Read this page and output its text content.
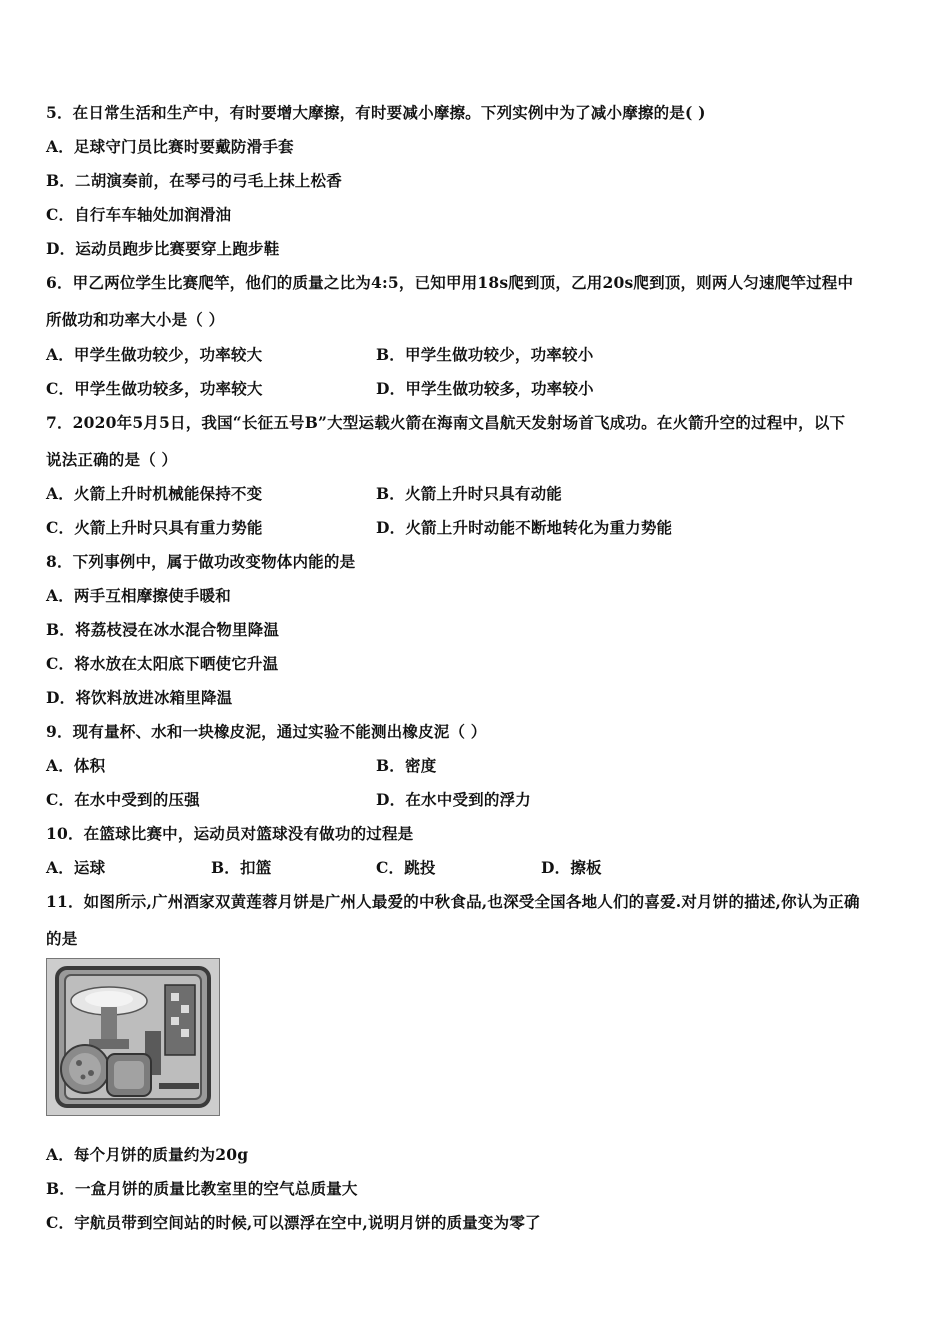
5．在日常生活和生产中，有时要增大摩擦，有时要减小摩擦。下列实例中为了减小摩擦的是( )
A．足球守门员比赛时要戴防滑手套
B．二胡演奏前，在琴弓的弓毛上抹上松香
C．自行车车轴处加润滑油
D．运动员跑步比赛要穿上跑步鞋
6．甲乙两位学生比赛爬竿，他们的质量之比为4:5，已知甲用18s爬到顶，乙用20s爬到顶，则两人匀速爬竿过程中
所做功和功率大小是（ ）
A．甲学生做功较少，功率较大	B．甲学生做功较少，功率较小
C．甲学生做功较多，功率较大	D．甲学生做功较多，功率较小
7．2020年5月5日，我国“长征五号B”大型运载火箭在海南文昌航天发射场首飞成功。在火箭升空的过程中，以下
说法正确的是（ ）
A．火箭上升时机械能保持不变	B．火箭上升时只具有动能
C．火箭上升时只具有重力势能	D．火箭上升时动能不断地转化为重力势能
8．下列事例中，属于做功改变物体内能的是
A．两手互相摩擦使手暖和
B．将荔枝浸在冰水混合物里降温
C．将水放在太阳底下晒使它升温
D．将饮料放进冰箱里降温
9．现有量杯、水和一块橡皮泥，通过实验不能测出橡皮泥（ ）
A．体积	B．密度
C．在水中受到的压强	D．在水中受到的浮力
10．在篮球比赛中，运动员对篮球没有做功的过程是
A．运球	B．扣篮	C．跳投	D．擦板
11．如图所示,广州酒家双黄莲蓉月饼是广州人最爱的中秋食品,也深受全国各地人们的喜爱.对月饼的描述,你认为正确
的是
A．每个月饼的质量约为20g
B．一盒月饼的质量比教室里的空气总质量大
C．宇航员带到空间站的时候,可以漂浮在空中,说明月饼的质量变为零了
